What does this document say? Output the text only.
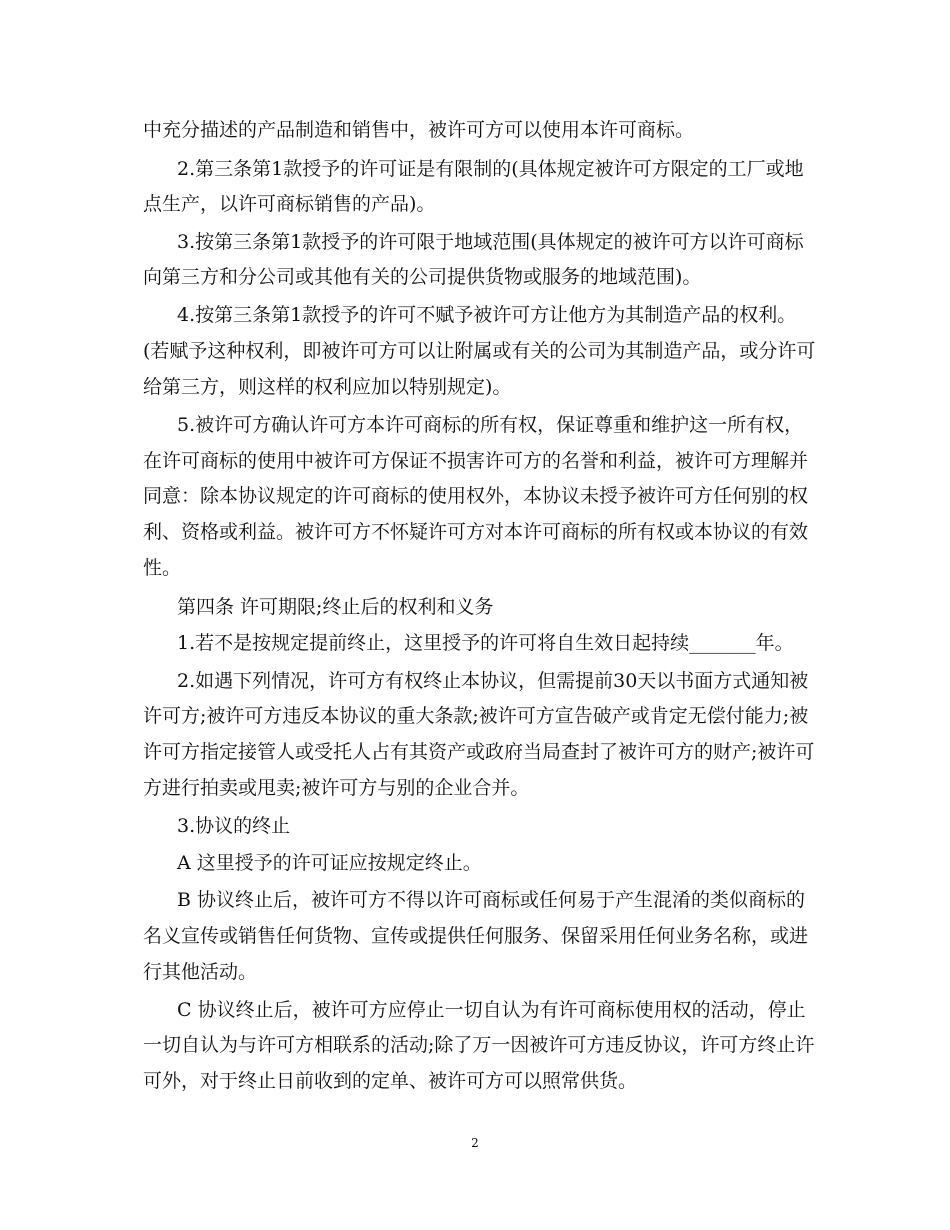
中充分描述的产品制造和销售中，被许可方可以使用本许可商标。
2.第三条第1款授予的许可证是有限制的(具体规定被许可方限定的工厂或地
点生产，以许可商标销售的产品)。
3.按第三条第1款授予的许可限于地域范围(具体规定的被许可方以许可商标
向第三方和分公司或其他有关的公司提供货物或服务的地域范围)。
4.按第三条第1款授予的许可不赋予被许可方让他方为其制造产品的权利。
(若赋予这种权利，即被许可方可以让附属或有关的公司为其制造产品，或分许可
给第三方，则这样的权利应加以特别规定)。
5.被许可方确认许可方本许可商标的所有权，保证尊重和维护这一所有权，
在许可商标的使用中被许可方保证不损害许可方的名誉和利益，被许可方理解并
同意：除本协议规定的许可商标的使用权外，本协议未授予被许可方任何别的权
利、资格或利益。被许可方不怀疑许可方对本许可商标的所有权或本协议的有效
性。
第四条 许可期限;终止后的权利和义务
1.若不是按规定提前终止，这里授予的许可将自生效日起持续_______年。
2.如遇下列情况，许可方有权终止本协议，但需提前30天以书面方式通知被
许可方;被许可方违反本协议的重大条款;被许可方宣告破产或肯定无偿付能力;被
许可方指定接管人或受托人占有其资产或政府当局查封了被许可方的财产;被许可
方进行拍卖或甩卖;被许可方与别的企业合并。
3.协议的终止
A 这里授予的许可证应按规定终止。
B 协议终止后，被许可方不得以许可商标或任何易于产生混淆的类似商标的
名义宣传或销售任何货物、宣传或提供任何服务、保留采用任何业务名称，或进
行其他活动。
C 协议终止后，被许可方应停止一切自认为有许可商标使用权的活动，停止
一切自认为与许可方相联系的活动;除了万一因被许可方违反协议，许可方终止许
可外，对于终止日前收到的定单、被许可方可以照常供货。
2
